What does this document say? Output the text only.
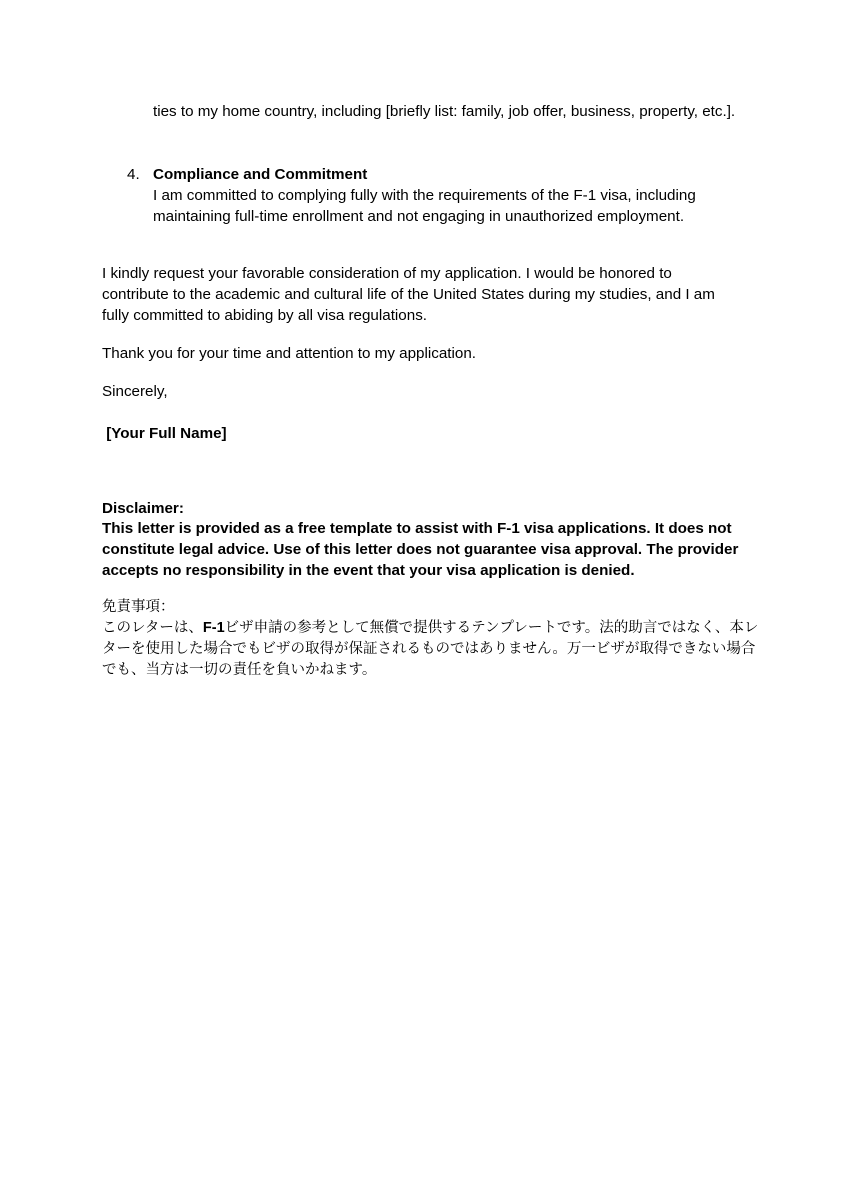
ties to my home country, including [briefly list: family, job offer, business, property, etc.].

4. Compliance and Commitment

I am committed to complying fully with the requirements of the F-1 visa, including maintaining full-time enrollment and not engaging in unauthorized employment.

I kindly request your favorable consideration of my application. I would be honored to contribute to the academic and cultural life of the United States during my studies, and I am fully committed to abiding by all visa regulations.

Thank you for your time and attention to my application.

Sincerely,

[Your Full Name]

Disclaimer:

This letter is provided as a free template to assist with F-1 visa applications. It does not constitute legal advice. Use of this letter does not guarantee visa approval. The provider accepts no responsibility in the event that your visa application is denied.

免責事項：

このレターは、F-1ビザ申請の参考として無償で提供するテンプレートです。法的助言ではなく、本レターを使用した場合でもビザの取得が保証されるものではありません。万一ビザが取得できない場合でも、当方は一切の責任を負いかねます。
